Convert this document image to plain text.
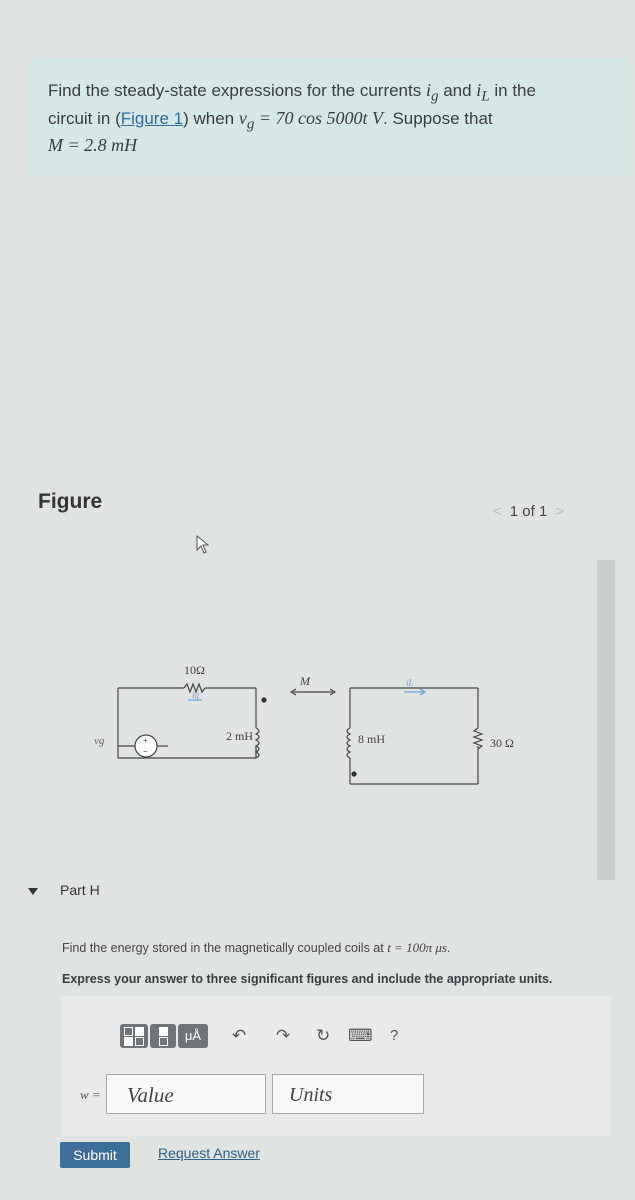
Find the steady-state expressions for the currents $i_g$ and $i_L$ in the
circuit in (Figure 1) when $v_g = 70$ cos 5000t V. Suppose that
M = 2.8 mH
Figure	< 1 of 1 >
10Ω
2 mH
M
8 mH	30 Ω
vg
ig
iL
+
−
Part H
Find the energy stored in the magnetically coupled coils at t = 100π μs.
Express your answer to three significant figures and include the appropriate units.
μÅ	↶ ↷ ↻ ⌨ ?
w =	Value	Units
Submit	Request Answer
